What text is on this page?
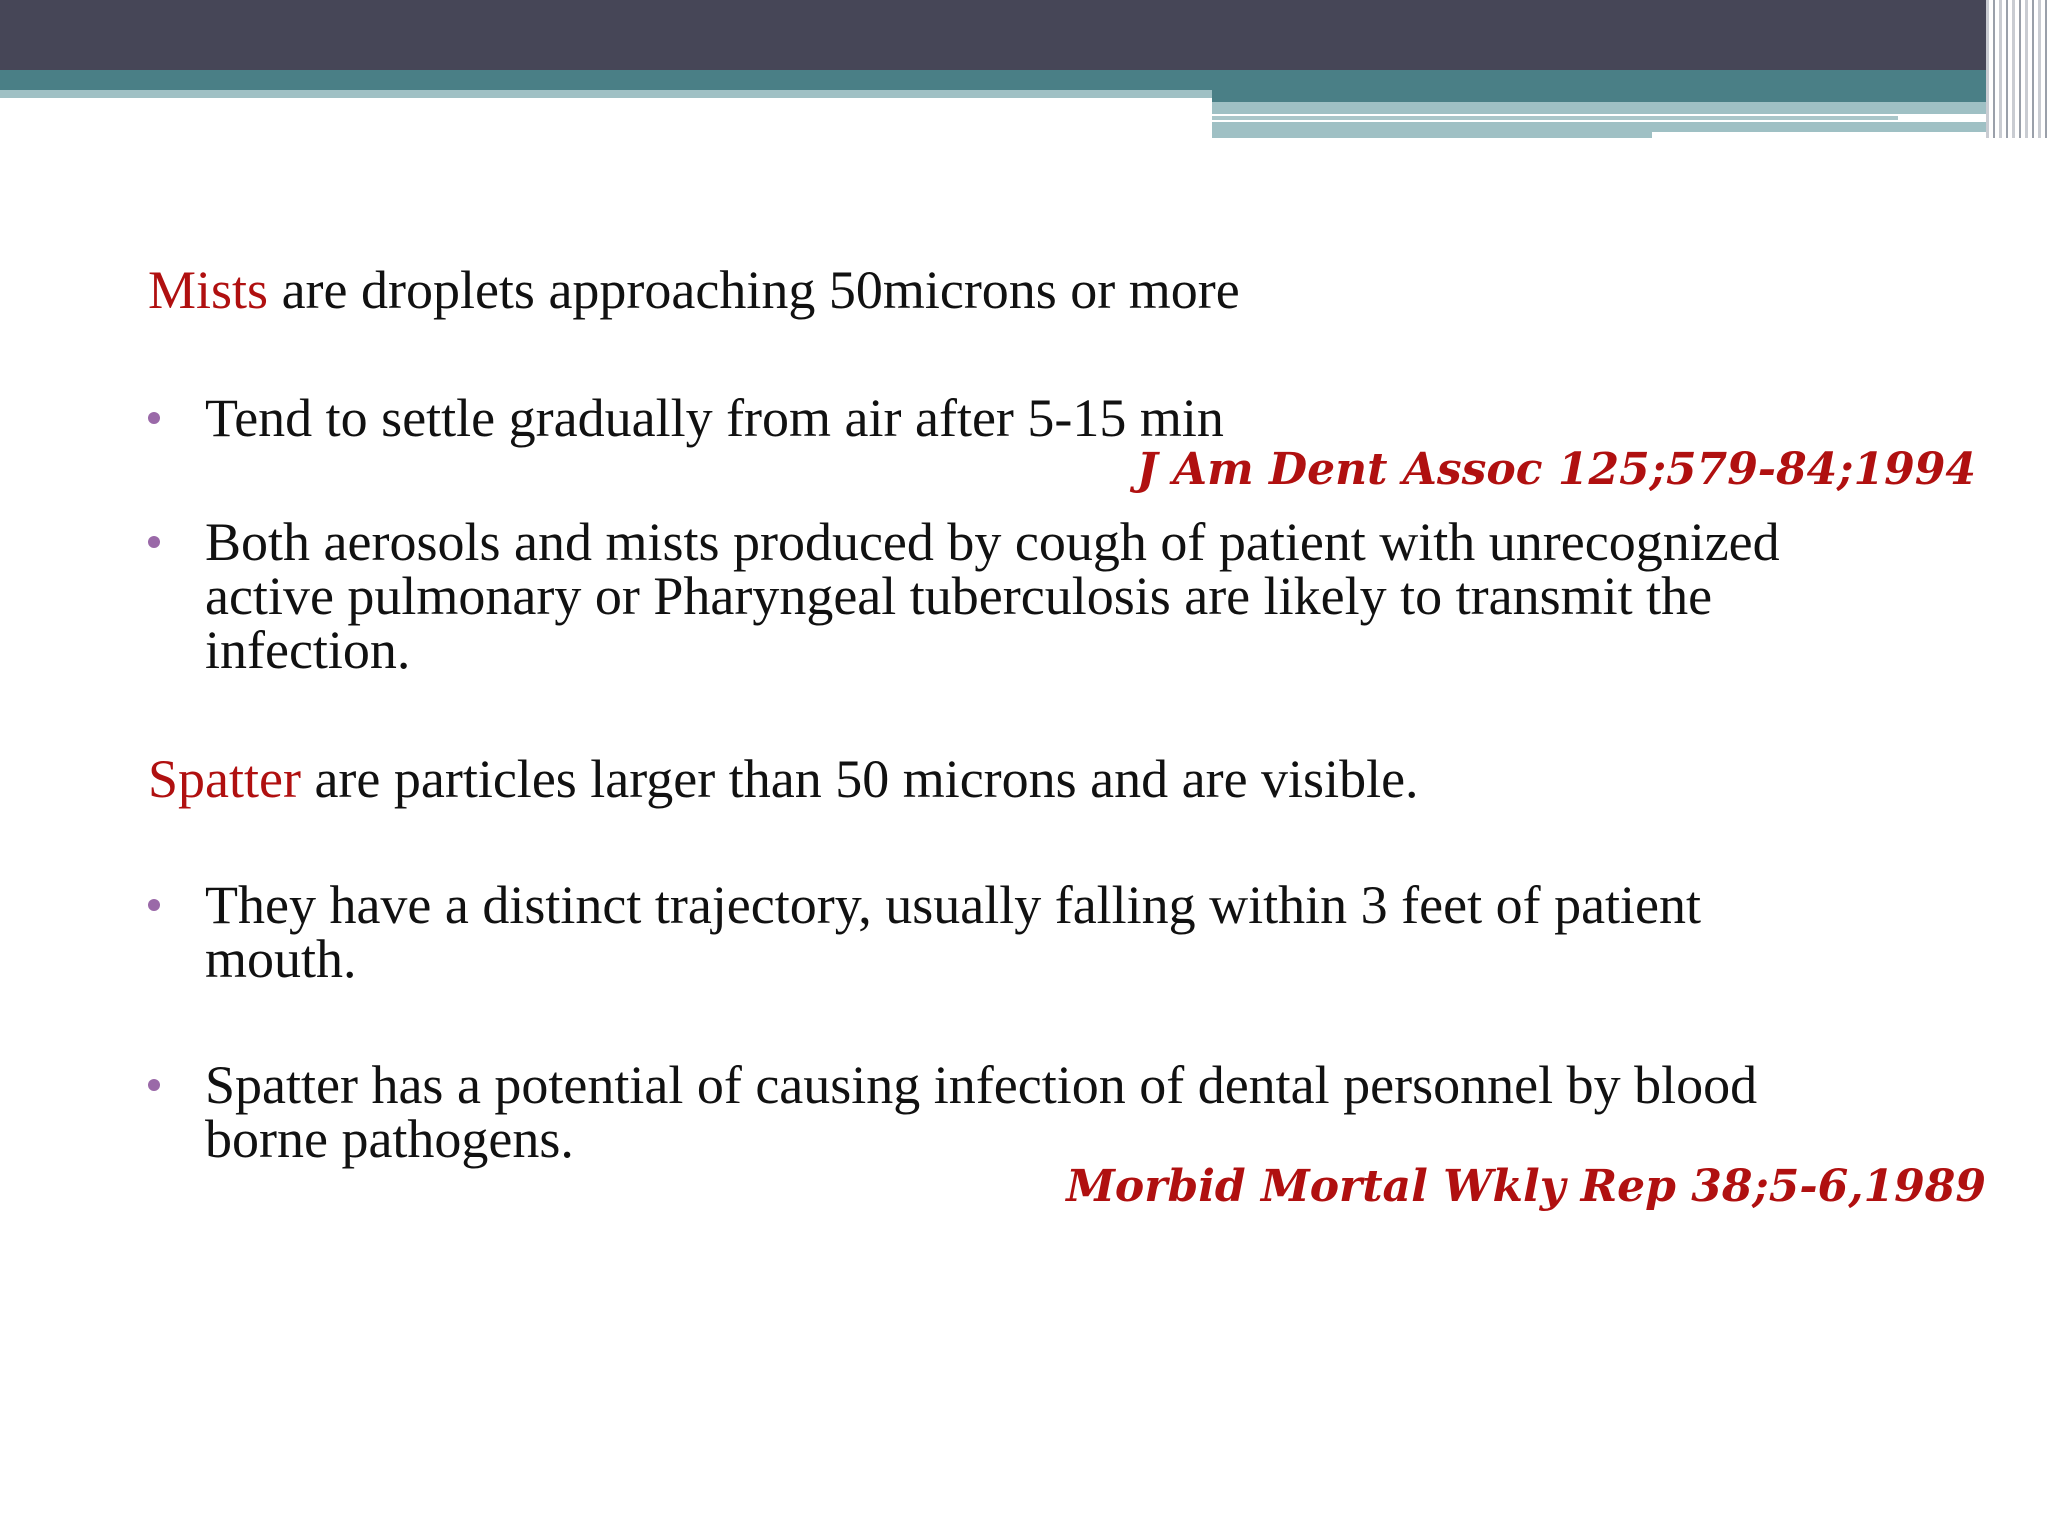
Mists are droplets approaching 50microns or more
Tend to settle gradually from air after 5-15 min
J Am Dent Assoc 125;579-84;1994
Both aerosols and mists produced by cough of patient with unrecognized
active pulmonary or Pharyngeal tuberculosis are likely to transmit the
infection.
Spatter are particles larger than 50 microns and are visible.
They have a distinct trajectory, usually falling within 3 feet of patient
mouth.
Spatter has a potential of causing infection of dental personnel by blood
borne pathogens.
Morbid Mortal Wkly Rep 38;5-6,1989
